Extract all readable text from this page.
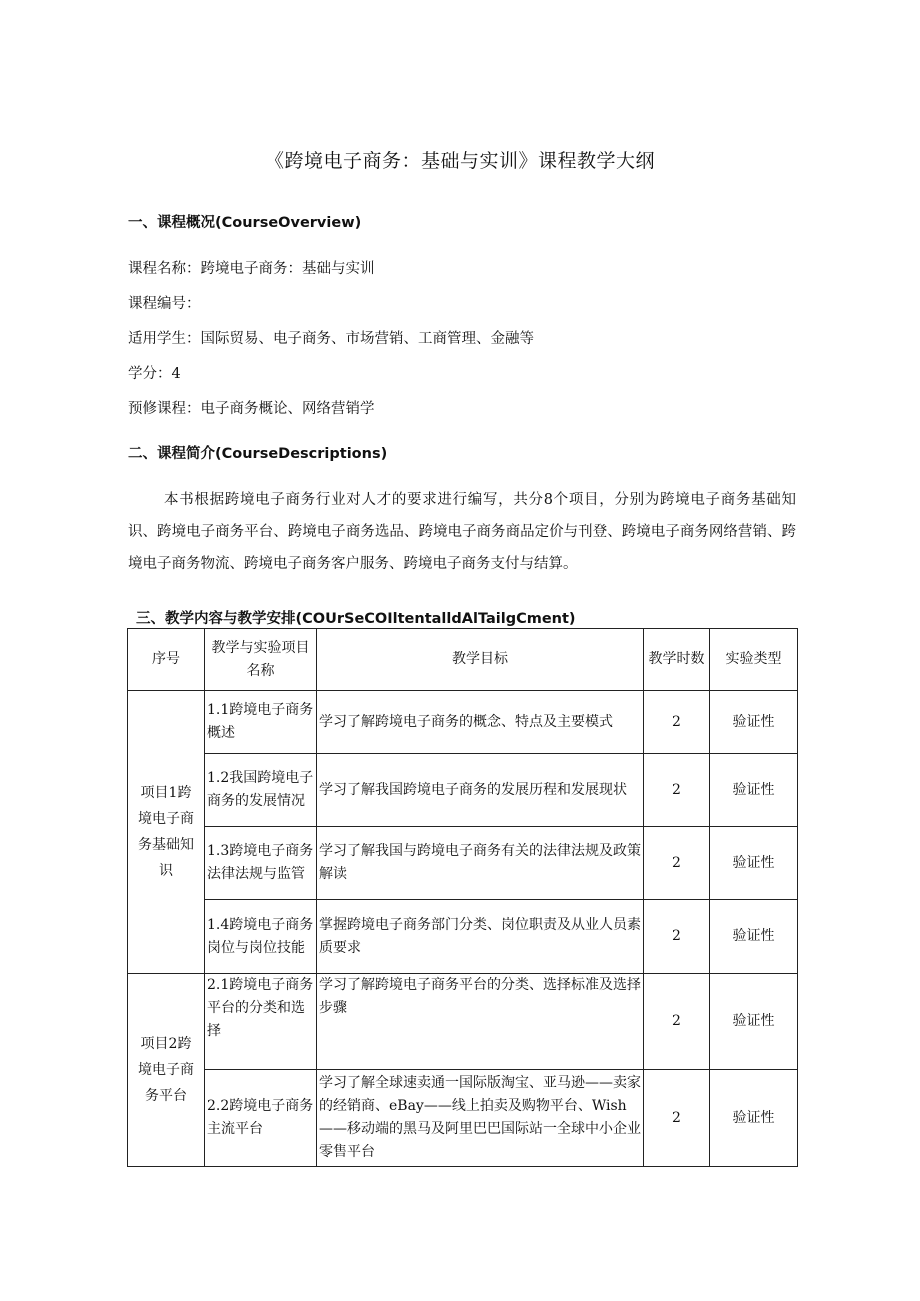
《跨境电子商务：基础与实训》课程教学大纲
一、课程概况(CourseOverview)
课程名称：跨境电子商务：基础与实训
课程编号：
适用学生：国际贸易、电子商务、市场营销、工商管理、金融等
学分：4
预修课程：电子商务概论、网络营销学
二、课程简介(CourseDescriptions)
本书根据跨境电子商务行业对人才的要求进行编写，共分8个项目，分别为跨境电子商务基础知识、跨境电子商务平台、跨境电子商务选品、跨境电子商务商品定价与刊登、跨境电子商务网络营销、跨境电子商务物流、跨境电子商务客户服务、跨境电子商务支付与结算。
三、教学内容与教学安排(COUrSeCOIltentalldAlTailgCment)
序号	教学与实验项目名称	教学目标	教学时数	实验类型
项目1跨境电子商务基础知识	1.1跨境电子商务概述	学习了解跨境电子商务的概念、特点及主要模式	2	验证性
	1.2我国跨境电子商务的发展情况	学习了解我国跨境电子商务的发展历程和发展现状	2	验证性
	1.3跨境电子商务法律法规与监管	学习了解我国与跨境电子商务有关的法律法规及政策解读	2	验证性
	1.4跨境电子商务岗位与岗位技能	掌握跨境电子商务部门分类、岗位职责及从业人员素质要求	2	验证性
项目2跨境电子商务平台	2.1跨境电子商务平台的分类和选择	学习了解跨境电子商务平台的分类、选择标准及选择步骤	2	验证性
	2.2跨境电子商务主流平台	学习了解全球速卖通一国际版淘宝、亚马逊——卖家的经销商、eBay——线上拍卖及购物平台、Wish——移动端的黑马及阿里巴巴国际站一全球中小企业零售平台	2	验证性
